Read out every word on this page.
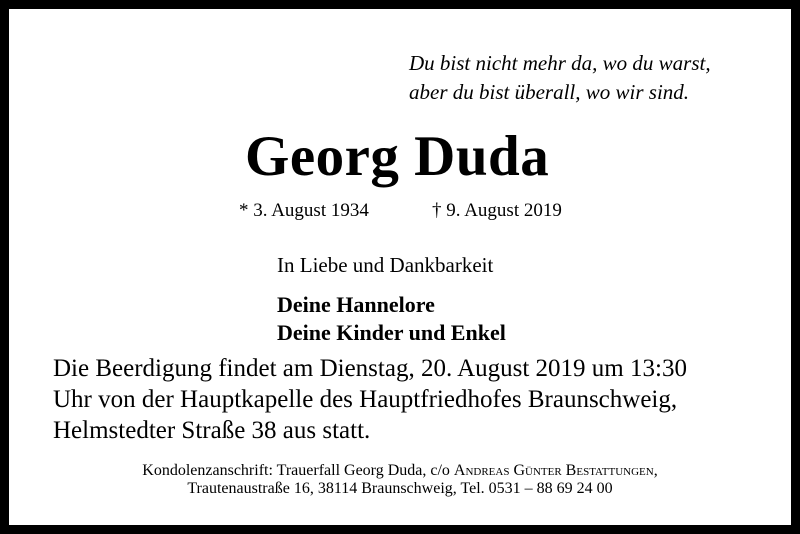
Du bist nicht mehr da, wo du warst,
aber du bist überall, wo wir sind.
Georg Duda
* 3. August 1934	† 9. August 2019
In Liebe und Dankbarkeit
Deine Hannelore
Deine Kinder und Enkel
Die Beerdigung findet am Dienstag, 20. August 2019 um 13:30
Uhr von der Hauptkapelle des Hauptfriedhofes Braunschweig,
Helmstedter Straße 38 aus statt.
Kondolenzanschrift: Trauerfall Georg Duda, c/o Andreas Günter Bestattungen,
Trautenaustraße 16, 38114 Braunschweig, Tel. 0531 – 88 69 24 00
